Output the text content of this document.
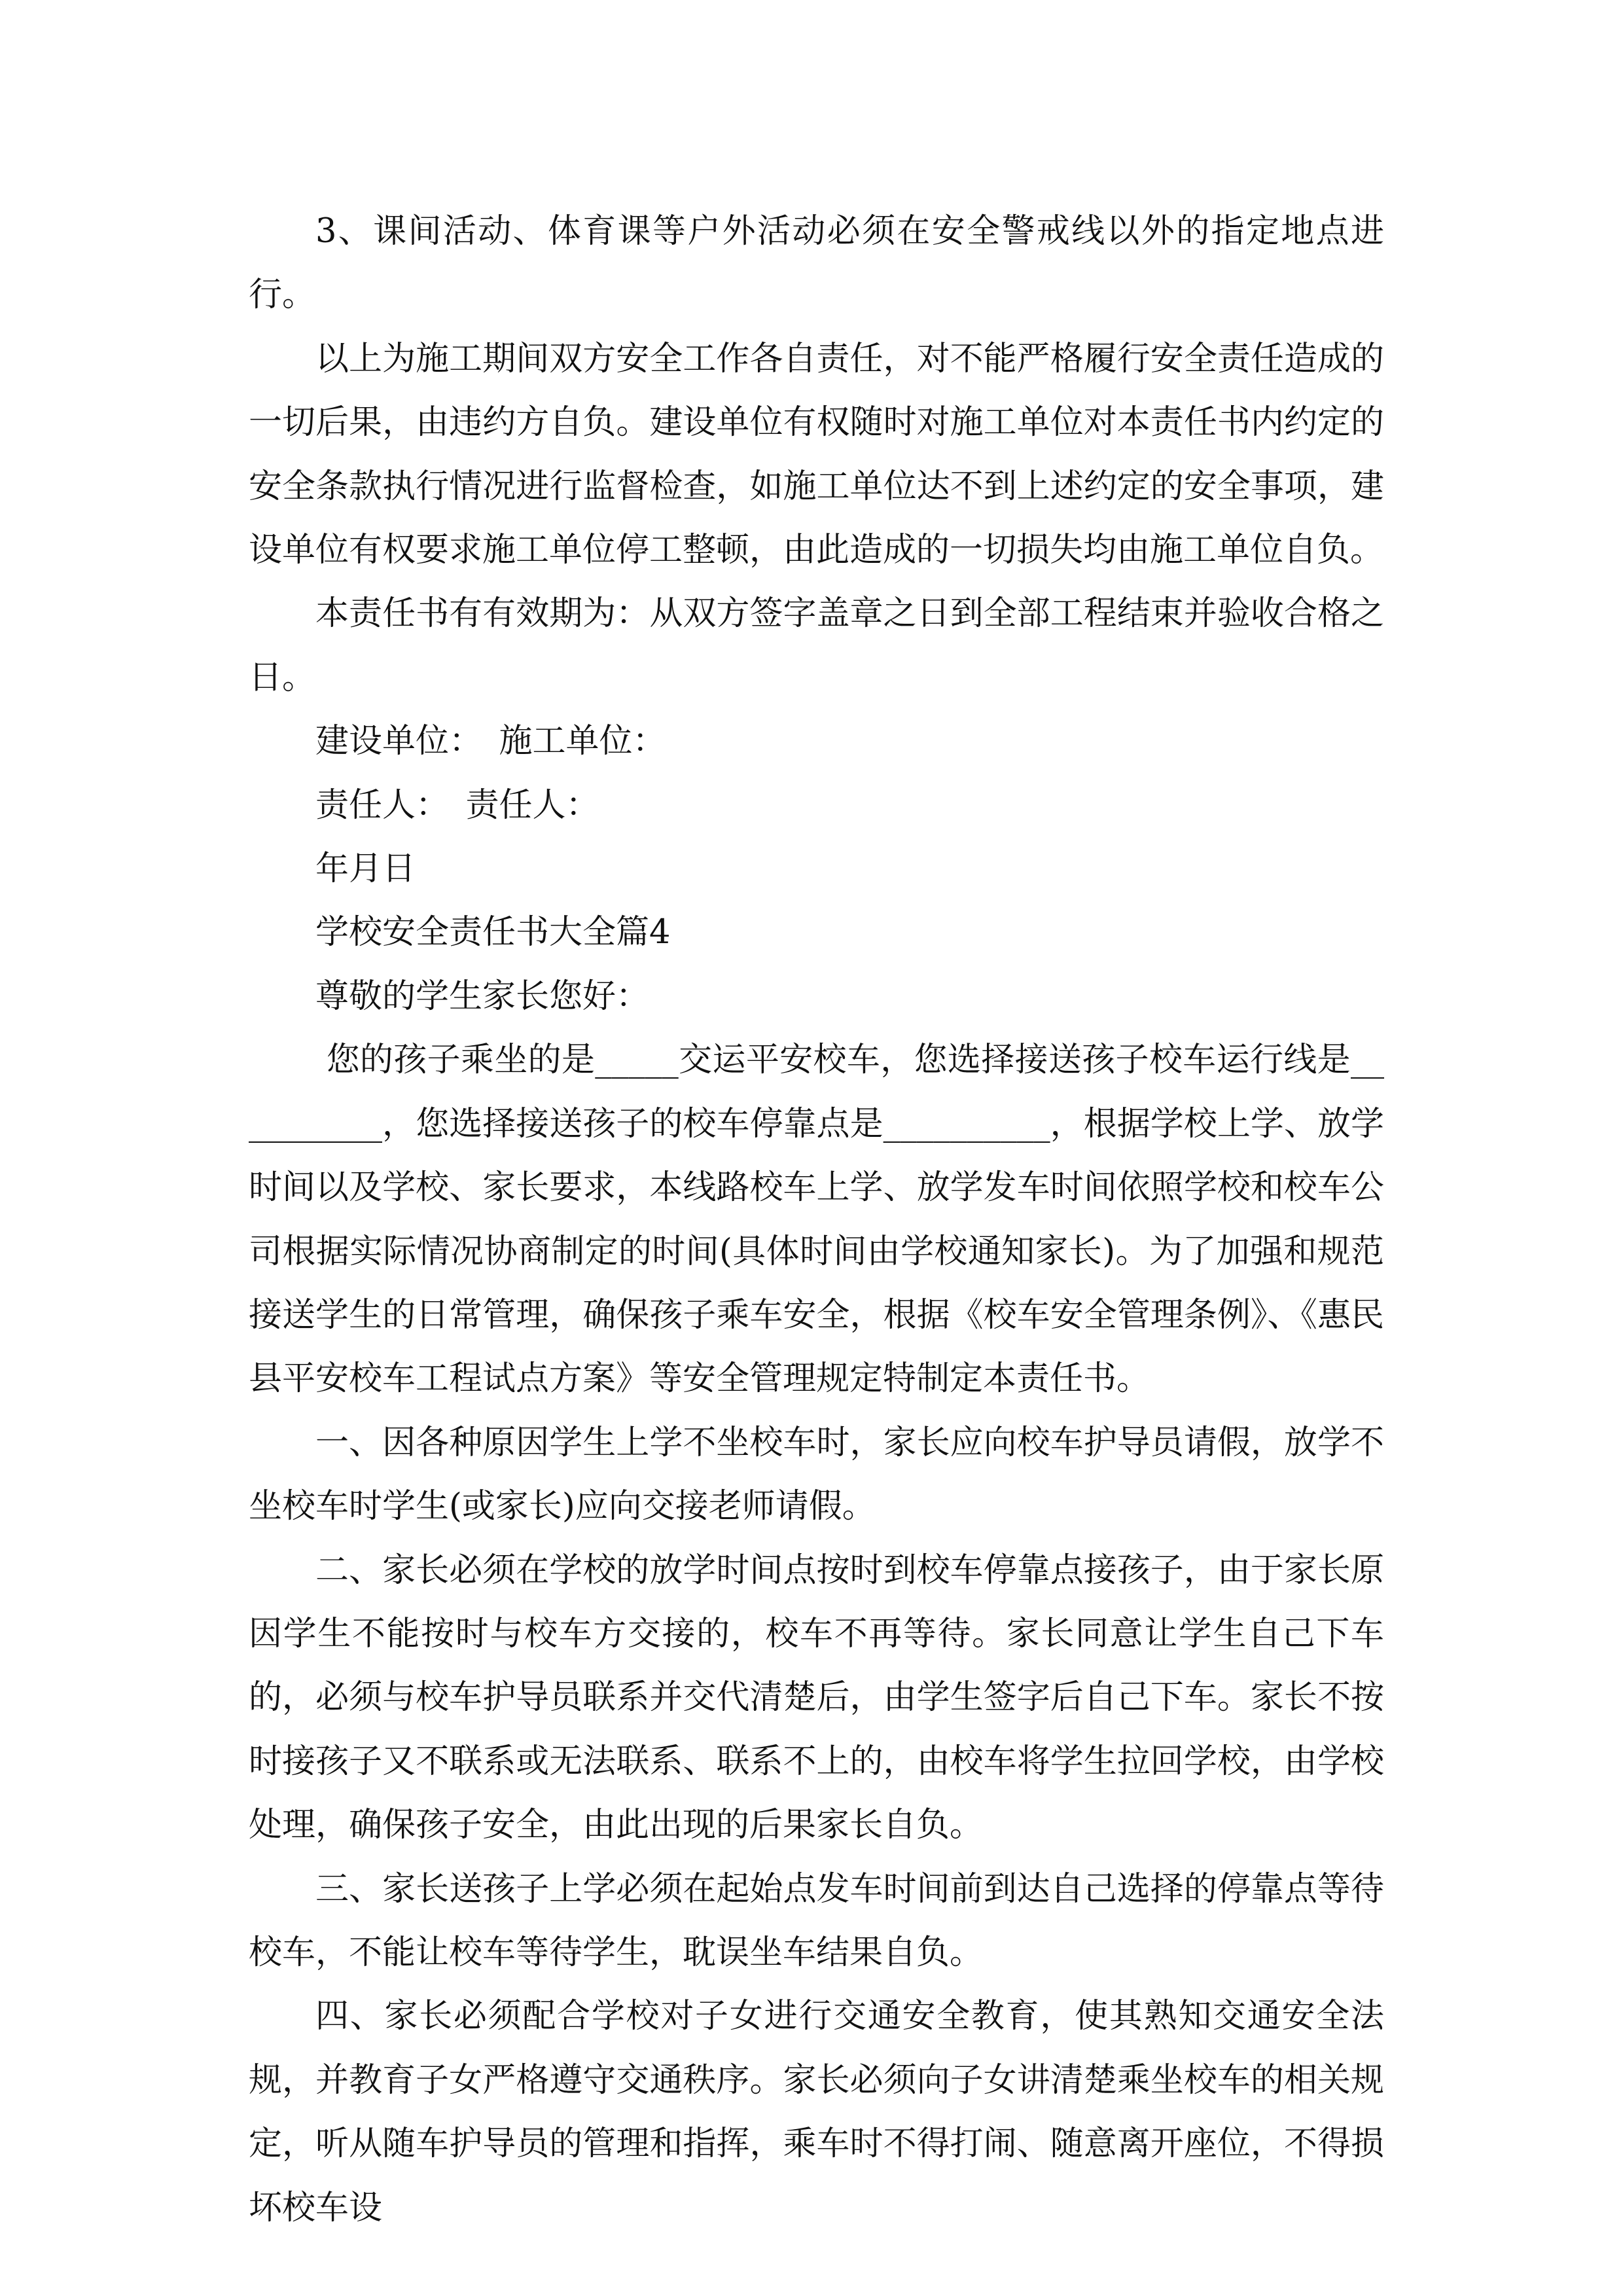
3、课间活动、体育课等户外活动必须在安全警戒线以外的指定地点进行。

以上为施工期间双方安全工作各自责任，对不能严格履行安全责任造成的一切后果，由违约方自负。建设单位有权随时对施工单位对本责任书内约定的安全条款执行情况进行监督检查，如施工单位达不到上述约定的安全事项，建设单位有权要求施工单位停工整顿，由此造成的一切损失均由施工单位自负。

本责任书有有效期为：从双方签字盖章之日到全部工程结束并验收合格之日。

建设单位：　施工单位：

责任人：　责任人：

年月日

学校安全责任书大全篇4

尊敬的学生家长您好：

您的孩子乘坐的是_____交运平安校车，您选择接送孩子校车运行线是__________，您选择接送孩子的校车停靠点是__________，根据学校上学、放学时间以及学校、家长要求，本线路校车上学、放学发车时间依照学校和校车公司根据实际情况协商制定的时间(具体时间由学校通知家长)。为了加强和规范接送学生的日常管理，确保孩子乘车安全，根据《校车安全管理条例》、《惠民县平安校车工程试点方案》等安全管理规定特制定本责任书。

一、因各种原因学生上学不坐校车时，家长应向校车护导员请假，放学不坐校车时学生(或家长)应向交接老师请假。

二、家长必须在学校的放学时间点按时到校车停靠点接孩子，由于家长原因学生不能按时与校车方交接的，校车不再等待。家长同意让学生自己下车的，必须与校车护导员联系并交代清楚后，由学生签字后自己下车。家长不按时接孩子又不联系或无法联系、联系不上的，由校车将学生拉回学校，由学校处理，确保孩子安全，由此出现的后果家长自负。

三、家长送孩子上学必须在起始点发车时间前到达自己选择的停靠点等待校车，不能让校车等待学生，耽误坐车结果自负。

四、家长必须配合学校对子女进行交通安全教育，使其熟知交通安全法规，并教育子女严格遵守交通秩序。家长必须向子女讲清楚乘坐校车的相关规定，听从随车护导员的管理和指挥，乘车时不得打闹、随意离开座位，不得损坏校车设
